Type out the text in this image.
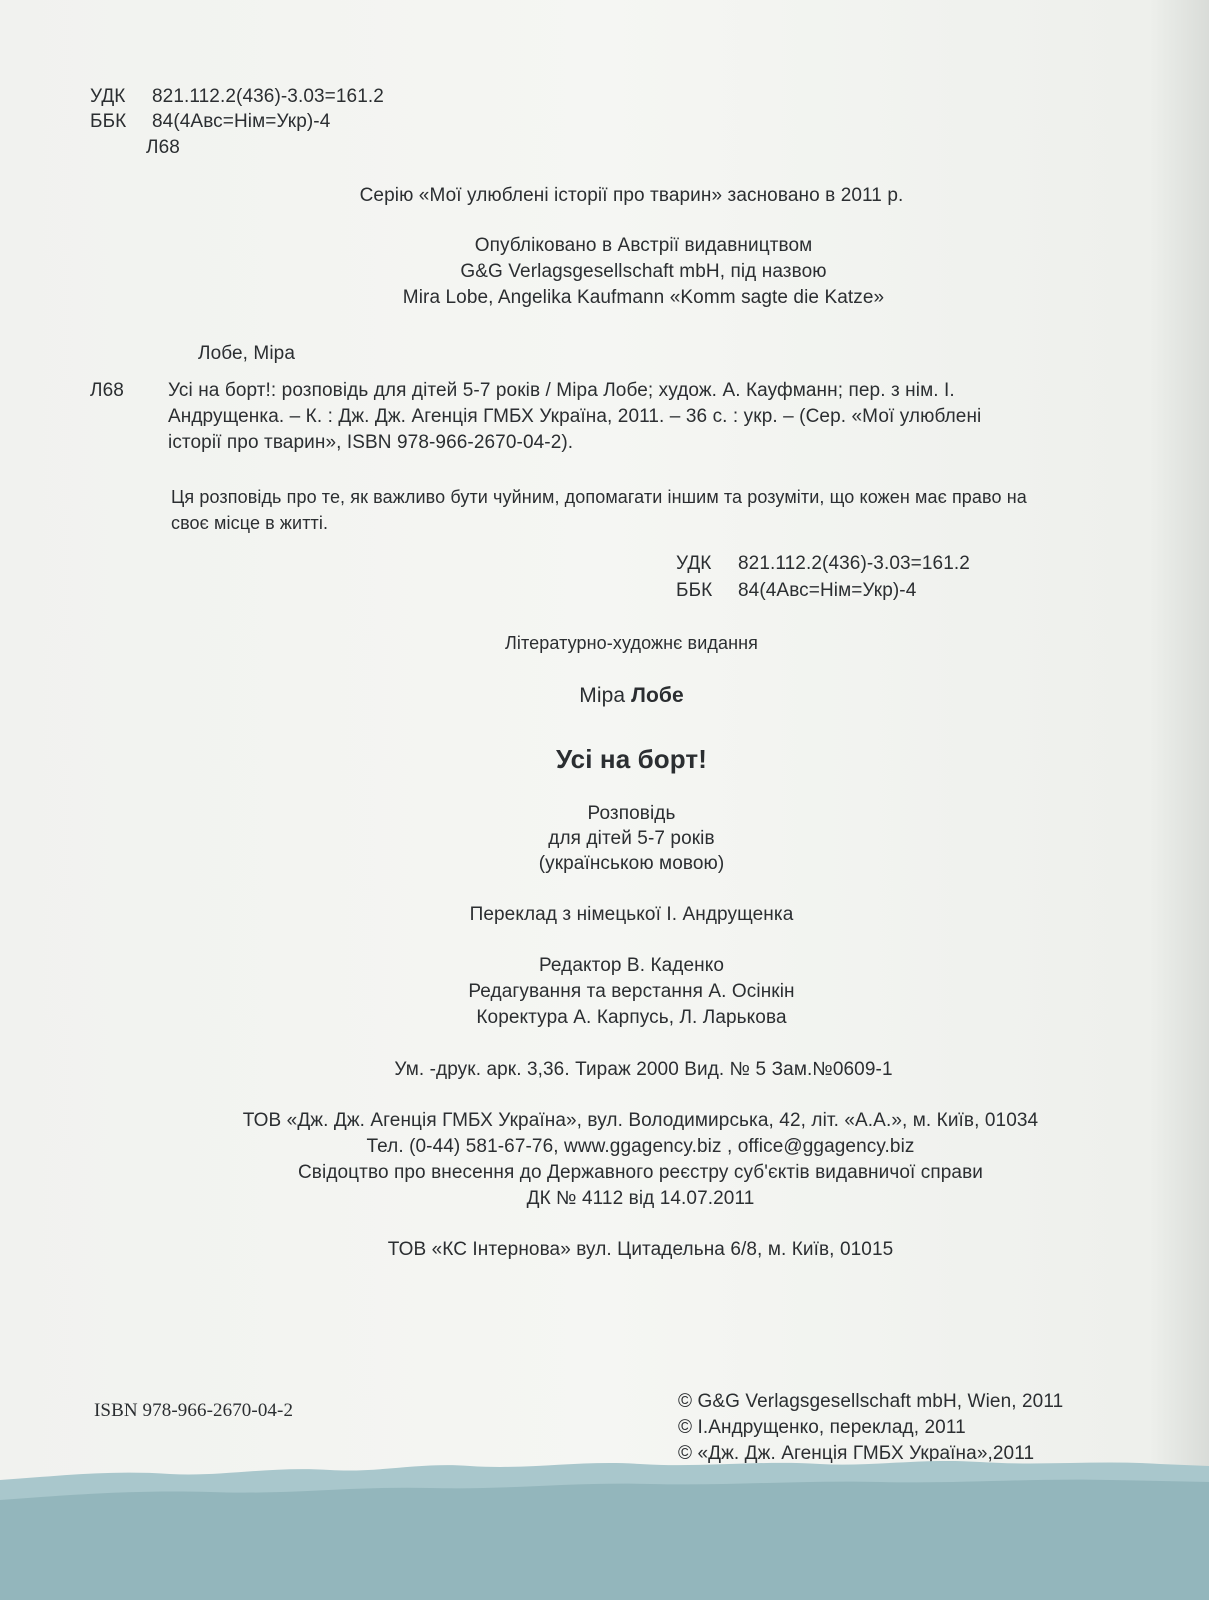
УДК 821.112.2(436)-3.03=161.2
ББК 84(4Авс=Нім=Укр)-4
Л68
Серію «Мої улюблені історії про тварин» засновано в 2011 р.
Опубліковано в Австрії видавництвом
G&G Verlagsgesellschaft mbH, під назвою
Mira Lobe, Angelika Kaufmann «Komm sagte die Katze»
Лобе, Міра
Л68 Усі на борт!: розповідь для дітей 5-7 років / Міра Лобе; худож. А. Кауфманн; пер. з нім. І.
Андрущенка. – К. : Дж. Дж. Агенція ГМБХ Україна, 2011. – 36 с. : укр. – (Сер. «Мої улюблені
історії про тварин», ISBN 978-966-2670-04-2).
Ця розповідь про те, як важливо бути чуйним, допомагати іншим та розуміти, що кожен має право на
своє місце в житті.
УДК 821.112.2(436)-3.03=161.2
ББК 84(4Авс=Нім=Укр)-4
Літературно-художнє видання
Міра Лобе
Усі на борт!
Розповідь
для дітей 5-7 років
(українською мовою)
Переклад з німецької І. Андрущенка
Редактор В. Каденко
Редагування та верстання А. Осінкін
Коректура А. Карпусь, Л. Ларькова
Ум. -друк. арк. 3,36. Тираж 2000 Вид. № 5 Зам.№0609-1
ТОВ «Дж. Дж. Агенція ГМБХ Україна», вул. Володимирська, 42, літ. «А.А.», м. Київ, 01034
Тел. (0-44) 581-67-76, www.ggagency.biz , office@ggagency.biz
Свідоцтво про внесення до Державного реєстру суб'єктів видавничої справи
ДК № 4112 від 14.07.2011
ТОВ «КС Інтернова» вул. Цитадельна 6/8, м. Київ, 01015
ISBN 978-966-2670-04-2	© G&G Verlagsgesellschaft mbH, Wien, 2011
© І.Андрущенко, переклад, 2011
© «Дж. Дж. Агенція ГМБХ Україна»,2011
